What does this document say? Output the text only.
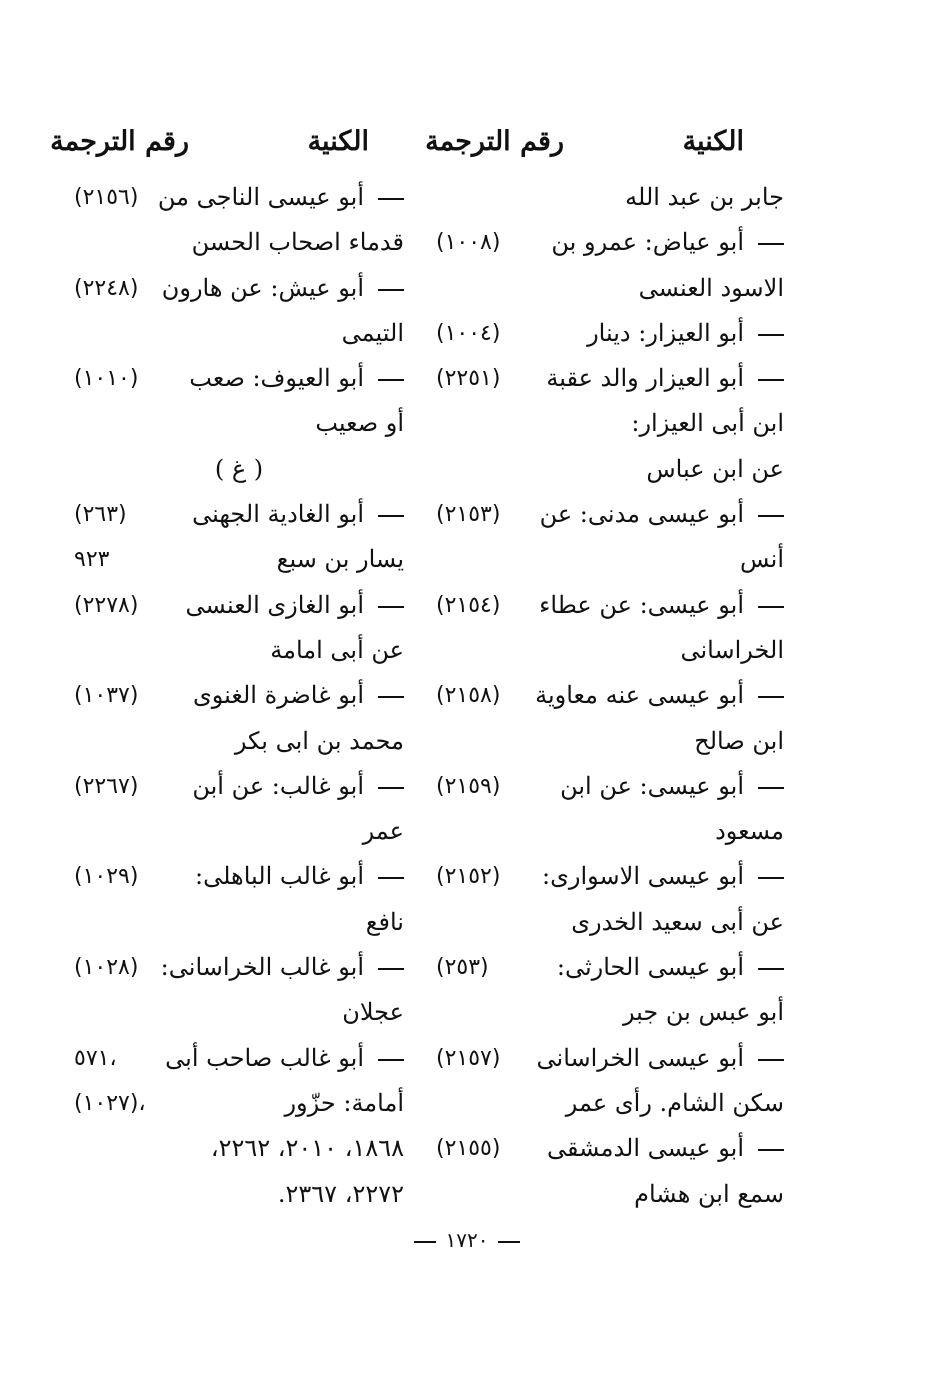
الكنية
رقم الترجمة
الكنية
رقم الترجمة
جابر بن عبد الله
أبو عياض: عمرو بن
(١٠٠٨)
الاسود العنسى
أبو العيزار: دينار
(١٠٠٤)
أبو العيزار والد عقبة
(٢٢٥١)
ابن أبى العيزار:
عن ابن عباس
أبو عيسى مدنى: عن
(٢١٥٣)
أنس
أبو عيسى: عن عطاء
(٢١٥٤)
الخراسانى
أبو عيسى عنه معاوية
(٢١٥٨)
ابن صالح
أبو عيسى: عن ابن
(٢١٥٩)
مسعود
أبو عيسى الاسوارى:
(٢١٥٢)
عن أبى سعيد الخدرى
أبو عيسى الحارثى:
(٢٥٣)
أبو عبس بن جبر
أبو عيسى الخراسانى
(٢١٥٧)
سكن الشام. رأى عمر
أبو عيسى الدمشقى
(٢١٥٥)
سمع ابن هشام
أبو عيسى الناجى من
(٢١٥٦)
قدماء اصحاب الحسن
أبو عيش: عن هارون
(٢٢٤٨)
التيمى
أبو العيوف: صعب
(١٠١٠)
أو صعيب
( غ )
أبو الغادية الجهنى
(٢٦٣)
يسار بن سبع
٩٢٣
أبو الغازى العنسى
(٢٢٧٨)
عن أبى امامة
أبو غاضرة الغنوى
(١٠٣٧)
محمد بن ابى بكر
أبو غالب: عن أبن
(٢٢٦٧)
عمر
أبو غالب الباهلى:
(١٠٢٩)
نافع
أبو غالب الخراسانى:
(١٠٢٨)
عجلان
أبو غالب صاحب أبى
٥٧١،
أمامة: حزّور
(١٠٢٧)،
١٨٦٨، ٢٠١٠، ٢٢٦٢،
٢٢٧٢، ٢٣٦٧.
١٧٢٠
